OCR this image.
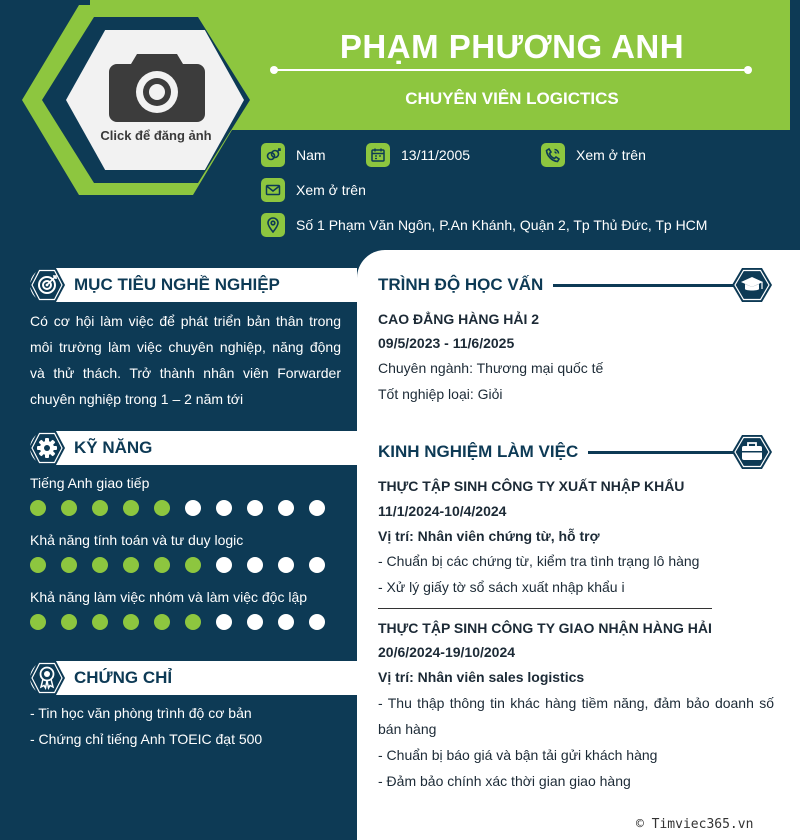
Click để đăng ảnh
PHẠM PHƯƠNG ANH
CHUYÊN VIÊN LOGICTICS
Nam	13/11/2005	Xem ở trên
Xem ở trên
Số 1 Phạm Văn Ngôn, P.An Khánh, Quận 2, Tp Thủ Đức, Tp HCM
MỤC TIÊU NGHỀ NGHIỆP
Có cơ hội làm việc để phát triển bản thân trong môi trường làm việc chuyên nghiệp, năng động và thử thách. Trở thành nhân viên Forwarder chuyên nghiệp trong 1 – 2 năm tới
KỸ NĂNG
Tiếng Anh giao tiếp
Khả năng tính toán và tư duy logic
Khả năng làm việc nhóm và làm việc độc lập
CHỨNG CHỈ
- Tin học văn phòng trình độ cơ bản
- Chứng chỉ tiếng Anh TOEIC đạt 500
TRÌNH ĐỘ HỌC VẤN
CAO ĐẲNG HÀNG HẢI 2
09/5/2023 - 11/6/2025
Chuyên ngành: Thương mại quốc tế
Tốt nghiệp loại: Giỏi
KINH NGHIỆM LÀM VIỆC
THỰC TẬP SINH CÔNG TY XUẤT NHẬP KHẨU
11/1/2024-10/4/2024
Vị trí: Nhân viên chứng từ, hỗ trợ
- Chuẩn bị các chứng từ, kiểm tra tình trạng lô hàng
- Xử lý giấy tờ sổ sách xuất nhập khẩu i
THỰC TẬP SINH CÔNG TY GIAO NHẬN HÀNG HẢI
20/6/2024-19/10/2024
Vị trí: Nhân viên sales logistics
- Thu thập thông tin khác hàng tiềm năng, đảm bảo doanh số bán hàng
- Chuẩn bị báo giá và bận tải gửi khách hàng
- Đảm bảo chính xác thời gian giao hàng
© Timviec365.vn
